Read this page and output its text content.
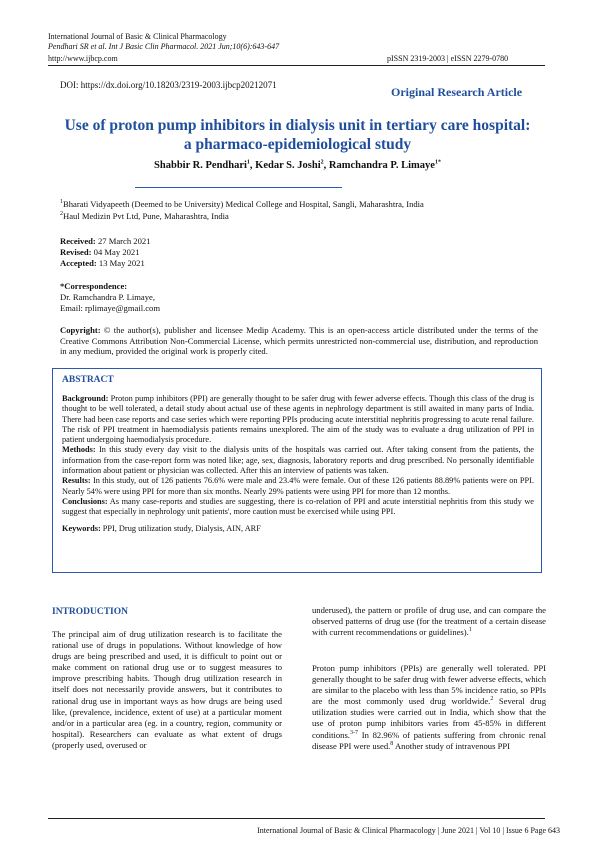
International Journal of Basic & Clinical Pharmacology
Pendhari SR et al. Int J Basic Clin Pharmacol. 2021 Jun;10(6):643-647
http://www.ijbcp.com	pISSN 2319-2003 | eISSN 2279-0780
DOI: https://dx.doi.org/10.18203/2319-2003.ijbcp20212071	Original Research Article
Use of proton pump inhibitors in dialysis unit in tertiary care hospital:
a pharmaco-epidemiological study
Shabbir R. Pendhari$^1$, Kedar S. Joshi$^2$, Ramchandra P. Limaye$^{1*}$
$^1$Bharati Vidyapeeth (Deemed to be University) Medical College and Hospital, Sangli, Maharashtra, India
$^2$Haul Medizin Pvt Ltd, Pune, Maharashtra, India
Received: 27 March 2021
Revised: 04 May 2021
Accepted: 13 May 2021
*Correspondence:
Dr. Ramchandra P. Limaye,
Email: rplimaye@gmail.com
Copyright: © the author(s), publisher and licensee Medip Academy. This is an open-access article distributed under the terms of the Creative Commons Attribution Non-Commercial License, which permits unrestricted non-commercial use, distribution, and reproduction in any medium, provided the original work is properly cited.
ABSTRACT
Background: Proton pump inhibitors (PPI) are generally thought to be safer drug with fewer adverse effects. Though this class of the drug is thought to be well tolerated, a detail study about actual use of these agents in nephrology department is still awaited in many parts of India. There had been case reports and case series which were reporting PPIs producing acute interstitial nephritis progressing to acute renal failure. The risk of PPI treatment in haemodialysis patients remains unexplored. The aim of the study was to evaluate a drug utilization of PPI in patient undergoing haemodialysis procedure.
Methods: In this study every day visit to the dialysis units of the hospitals was carried out. After taking consent from the patients, the information from the case-report form was noted like; age, sex, diagnosis, laboratory reports and drug prescribed. No personally identifiable information about patient or physician was collected. After this an interview of patients was taken.
Results: In this study, out of 126 patients 76.6% were male and 23.4% were female. Out of these 126 patients 88.89% patients were on PPI. Nearly 54% were using PPI for more than six months. Nearly 29% patients were using PPI for more than 12 months.
Conclusions: As many case-reports and studies are suggesting, there is co-relation of PPI and acute interstitial nephritis from this study we suggest that especially in nephrology unit patients', more caution must be exercised while using PPI.
Keywords: PPI, Drug utilization study, Dialysis, AIN, ARF
INTRODUCTION
The principal aim of drug utilization research is to facilitate the rational use of drugs in populations. Without knowledge of how drugs are being prescribed and used, it is difficult to point out or make comment on rational drug use or to suggest measures to improve prescribing habits. Though drug utilization research in itself does not necessarily provide answers, but it contributes to rational drug use in important ways as how drugs are being used like, (prevalence, incidence, extent of use) at a particular moment and/or in a particular area (eg. in a country, region, community or hospital). Researchers can evaluate as what extent of drugs (properly used, overused or
underused), the pattern or profile of drug use, and can compare the observed patterns of drug use (for the treatment of a certain disease with current recommendations or guidelines).$^1$
Proton pump inhibitors (PPIs) are generally well tolerated. PPI generally thought to be safer drug with fewer adverse effects, which are similar to the placebo with less than 5% incidence ratio, so PPIs are the most commonly used drug worldwide.$^2$ Several drug utilization studies were carried out in India, which show that the use of proton pump inhibitors varies from 45-85% in different conditions.$^{3-7}$ In 82.96% of patients suffering from chronic renal disease PPI were used.$^8$ Another study of intravenous PPI
International Journal of Basic & Clinical Pharmacology | June 2021 | Vol 10 | Issue 6 Page 643
